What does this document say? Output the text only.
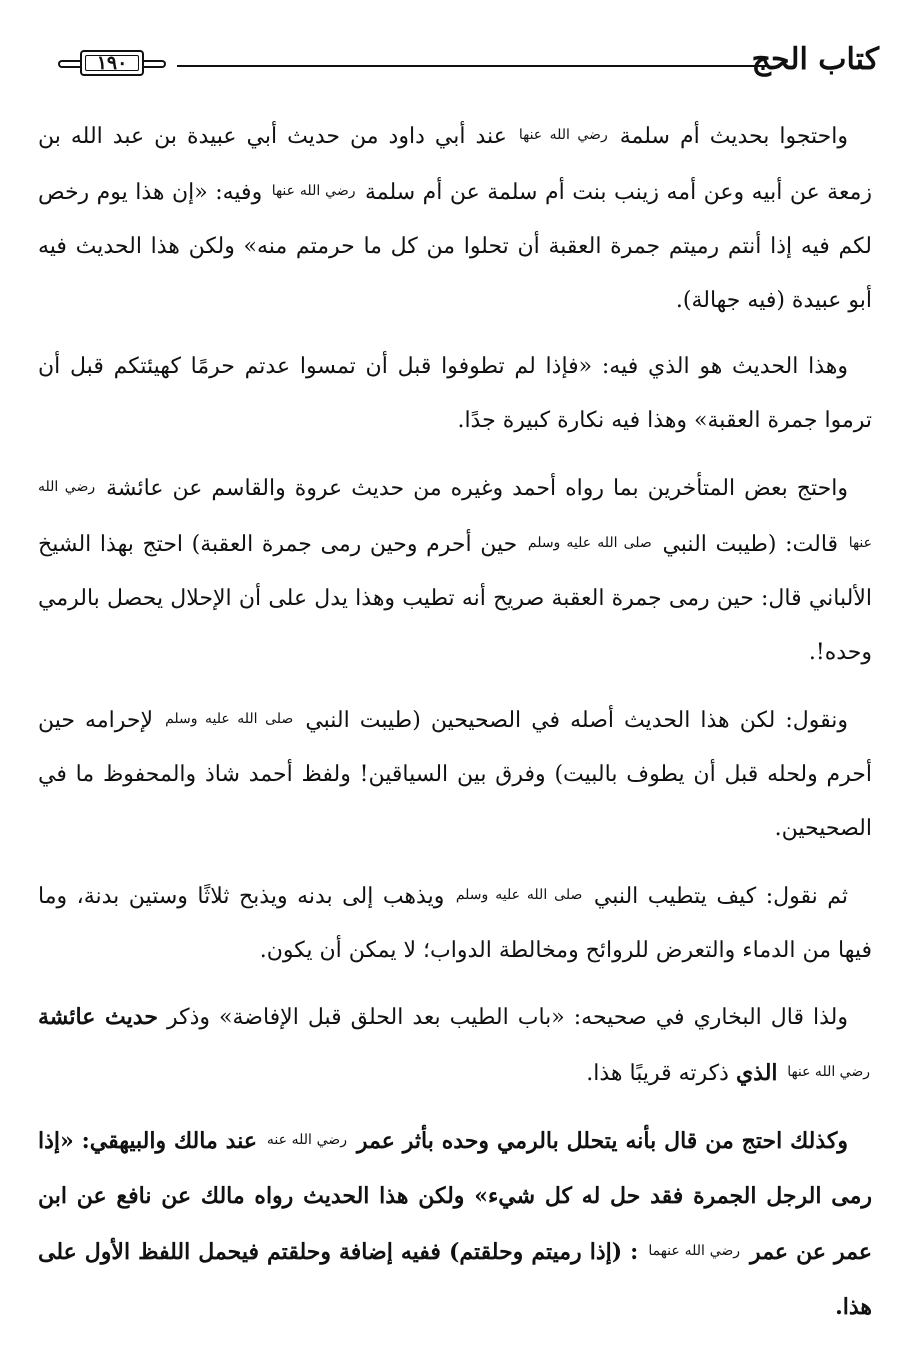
كتاب الحج
١٩٠

واحتجوا بحديث أم سلمة رضي الله عنها عند أبي داود من حديث أبي عبيدة بن عبد الله بن زمعة عن أبيه وعن أمه زينب بنت أم سلمة عن أم سلمة رضي الله عنها وفيه: «إن هذا يوم رخص لكم فيه إذا أنتم رميتم جمرة العقبة أن تحلوا من كل ما حرمتم منه» ولكن هذا الحديث فيه أبو عبيدة (فيه جهالة).

وهذا الحديث هو الذي فيه: «فإذا لم تطوفوا قبل أن تمسوا عدتم حرمًا كهيئتكم قبل أن ترموا جمرة العقبة» وهذا فيه نكارة كبيرة جدًا.

واحتج بعض المتأخرين بما رواه أحمد وغيره من حديث عروة والقاسم عن عائشة رضي الله عنها قالت: (طيبت النبي صلى الله عليه وسلم حين أحرم وحين رمى جمرة العقبة) احتج بهذا الشيخ الألباني قال: حين رمى جمرة العقبة صريح أنه تطيب وهذا يدل على أن الإحلال يحصل بالرمي وحده!.

ونقول: لكن هذا الحديث أصله في الصحيحين (طيبت النبي صلى الله عليه وسلم لإحرامه حين أحرم ولحله قبل أن يطوف بالبيت) وفرق بين السياقين! ولفظ أحمد شاذ والمحفوظ ما في الصحيحين.

ثم نقول: كيف يتطيب النبي صلى الله عليه وسلم ويذهب إلى بدنه ويذبح ثلاثًا وستين بدنة، وما فيها من الدماء والتعرض للروائح ومخالطة الدواب؛ لا يمكن أن يكون.

ولذا قال البخاري في صحيحه: «باب الطيب بعد الحلق قبل الإفاضة» وذكر حديث عائشة رضي الله عنها الذي ذكرته قريبًا هذا.

وكذلك احتج من قال بأنه يتحلل بالرمي وحده بأثر عمر رضي الله عنه عند مالك والبيهقي: «إذا رمى الرجل الجمرة فقد حل له كل شيء» ولكن هذا الحديث رواه مالك عن نافع عن ابن عمر عن عمر رضي الله عنهما : (إذا رميتم وحلقتم) ففيه إضافة وحلقتم فيحمل اللفظ الأول على هذا.
